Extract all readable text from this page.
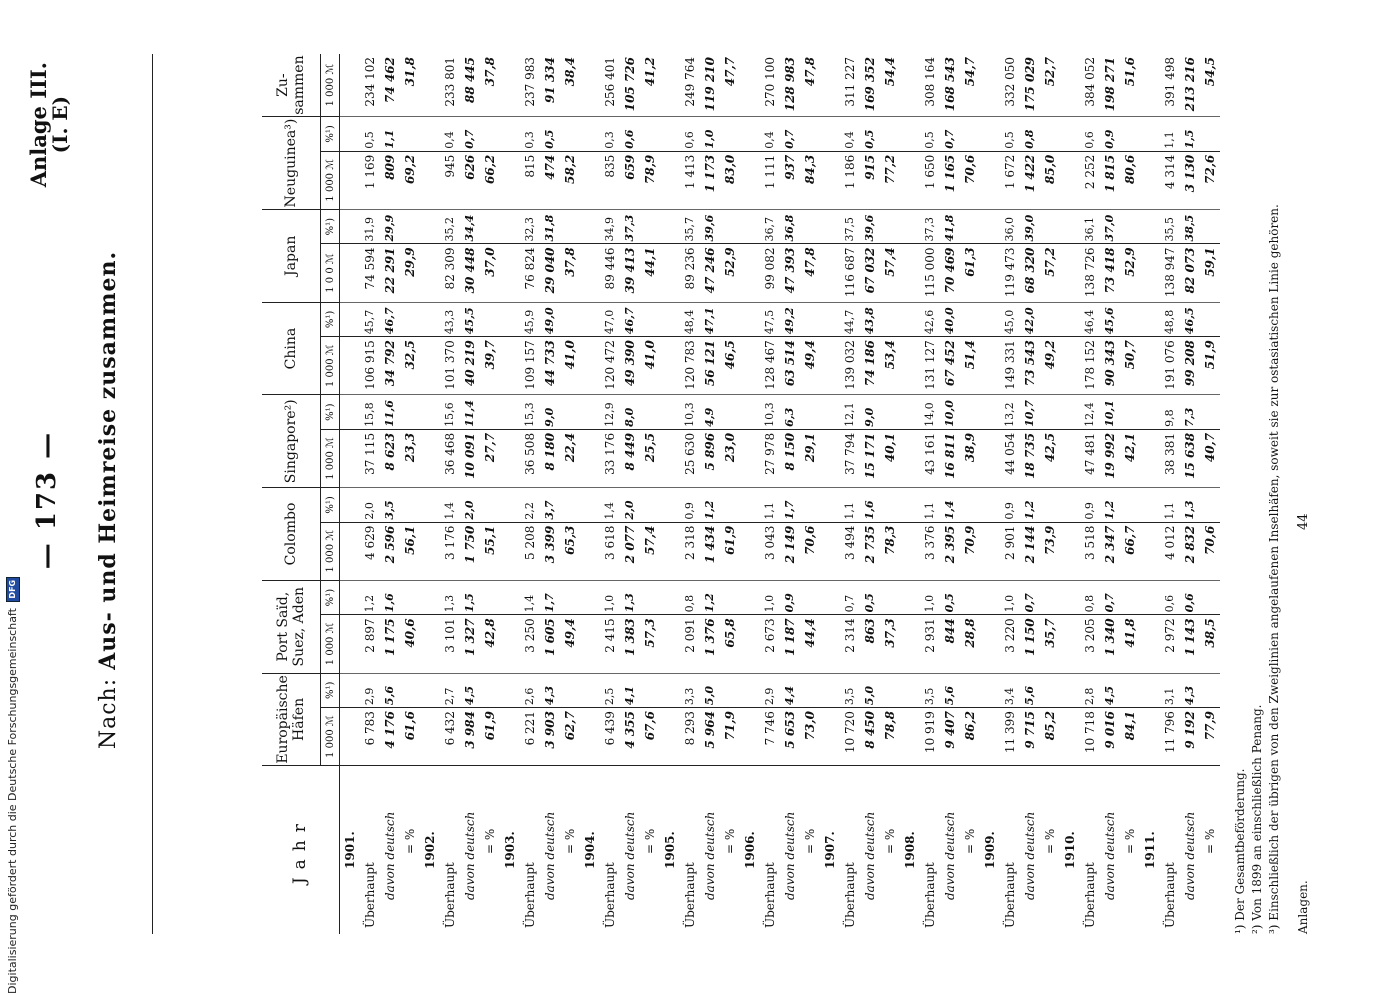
— 173 —
Anlage III.
(I. E)
Nach: Aus- und Heimreise zusammen.
Jahr	Europäische Häfen		Port Saïd, Suez, Aden		Colombo		Singapore²)		China		Japan		Neuguinea³)		Zu-sammen
	1 000 ℳ	%¹)	1 000 ℳ	%¹)	1 000 ℳ	%¹)	1 000 ℳ	%¹)	1 000 ℳ	%¹)	1 0 0 ℳ	%¹)	1 000 ℳ	%¹)	1 000 ℳ

1901.															

Überhaupt	6 783	2,9	2 897	1,2	4 629	2,0	37 115	15,8	106 915	45,7	74 594	31,9	1 169	0,5	234 102

davon deutsch	4 176	5,6	1 175	1,6	2 596	3,5	8 623	11,6	34 792	46,7	22 291	29,9	809	1,1	74 462

= %	61,6		40,6		56,1		23,3		32,5		29,9		69,2		31,8

1902.															

Überhaupt	6 432	2,7	3 101	1,3	3 176	1,4	36 468	15,6	101 370	43,3	82 309	35,2	945	0,4	233 801

davon deutsch	3 984	4,5	1 327	1,5	1 750	2,0	10 091	11,4	40 219	45,5	30 448	34,4	626	0,7	88 445

= %	61,9		42,8		55,1		27,7		39,7		37,0		66,2		37,8

1903.															

Überhaupt	6 221	2,6	3 250	1,4	5 208	2,2	36 508	15,3	109 157	45,9	76 824	32,3	815	0,3	237 983

davon deutsch	3 903	4,3	1 605	1,7	3 399	3,7	8 180	9,0	44 733	49,0	29 040	31,8	474	0,5	91 334

= %	62,7		49,4		65,3		22,4		41,0		37,8		58,2		38,4

1904.															

Überhaupt	6 439	2,5	2 415	1,0	3 618	1,4	33 176	12,9	120 472	47,0	89 446	34,9	835	0,3	256 401

davon deutsch	4 355	4,1	1 383	1,3	2 077	2,0	8 449	8,0	49 390	46,7	39 413	37,3	659	0,6	105 726

= %	67,6		57,3		57,4		25,5		41,0		44,1		78,9		41,2

1905.															

Überhaupt	8 293	3,3	2 091	0,8	2 318	0,9	25 630	10,3	120 783	48,4	89 236	35,7	1 413	0,6	249 764

davon deutsch	5 964	5,0	1 376	1,2	1 434	1,2	5 896	4,9	56 121	47,1	47 246	39,6	1 173	1,0	119 210

= %	71,9		65,8		61,9		23,0		46,5		52,9		83,0		47,7

1906.															

Überhaupt	7 746	2,9	2 673	1,0	3 043	1,1	27 978	10,3	128 467	47,5	99 082	36,7	1 111	0,4	270 100

davon deutsch	5 653	4,4	1 187	0,9	2 149	1,7	8 150	6,3	63 514	49,2	47 393	36,8	937	0,7	128 983

= %	73,0		44,4		70,6		29,1		49,4		47,8		84,3		47,8

1907.															

Überhaupt	10 720	3,5	2 314	0,7	3 494	1,1	37 794	12,1	139 032	44,7	116 687	37,5	1 186	0,4	311 227

davon deutsch	8 450	5,0	863	0,5	2 735	1,6	15 171	9,0	74 186	43,8	67 032	39,6	915	0,5	169 352

= %	78,8		37,3		78,3		40,1		53,4		57,4		77,2		54,4

1908.															

Überhaupt	10 919	3,5	2 931	1,0	3 376	1,1	43 161	14,0	131 127	42,6	115 000	37,3	1 650	0,5	308 164

davon deutsch	9 407	5,6	844	0,5	2 395	1,4	16 811	10,0	67 452	40,0	70 469	41,8	1 165	0,7	168 543

= %	86,2		28,8		70,9		38,9		51,4		61,3		70,6		54,7

1909.															

Überhaupt	11 399	3,4	3 220	1,0	2 901	0,9	44 054	13,2	149 331	45,0	119 473	36,0	1 672	0,5	332 050

davon deutsch	9 715	5,6	1 150	0,7	2 144	1,2	18 735	10,7	73 543	42,0	68 320	39,0	1 422	0,8	175 029

= %	85,2		35,7		73,9		42,5		49,2		57,2		85,0		52,7

1910.															

Überhaupt	10 718	2,8	3 205	0,8	3 518	0,9	47 481	12,4	178 152	46,4	138 726	36,1	2 252	0,6	384 052

davon deutsch	9 016	4,5	1 340	0,7	2 347	1,2	19 992	10,1	90 343	45,6	73 418	37,0	1 815	0,9	198 271

= %	84,1		41,8		66,7		42,1		50,7		52,9		80,6		51,6

1911.															

Überhaupt	11 796	3,1	2 972	0,6	4 012	1,1	38 381	9,8	191 076	48,8	138 947	35,5	4 314	1,1	391 498

davon deutsch	9 192	4,3	1 143	0,6	2 832	1,3	15 638	7,3	99 208	46,5	82 073	38,5	3 130	1,5	213 216

= %	77,9		38,5		70,6		40,7		51,9		59,1		72,6		54,5
¹) Der Gesamtbeförderung. ²) Von 1899 an einschließlich Penang. ³) Einschließlich der übrigen von den Zweiglinien angelaufenen Inselhäfen, soweit sie zur ostasiatischen Linie gehören. Anlagen.
44
Digitalisierung gefördert durch die Deutsche Forschungsgemeinschaft DFG
